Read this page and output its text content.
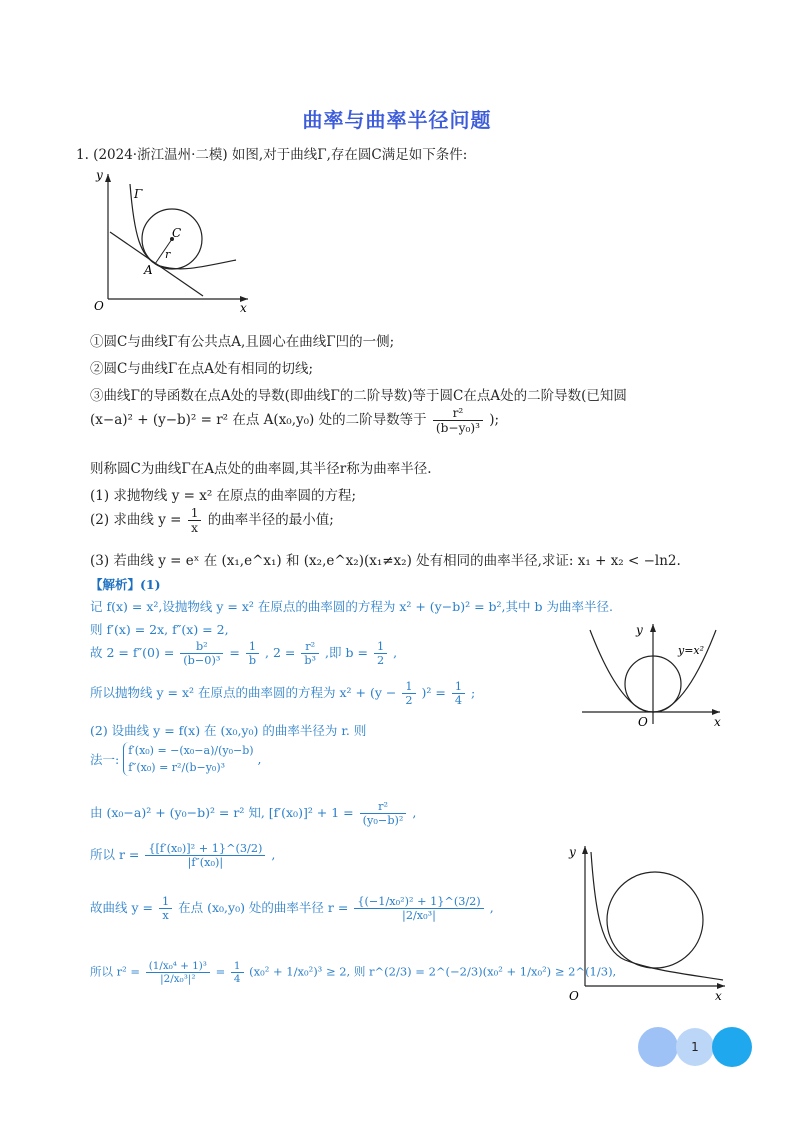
曲率与曲率半径问题
1. (2024·浙江温州·二模) 如图,对于曲线Γ,存在圆C满足如下条件:
y
x
O
Γ
C
r
A
①圆C与曲线Γ有公共点A,且圆心在曲线Γ凹的一侧;
②圆C与曲线Γ在点A处有相同的切线;
③曲线Γ的导函数在点A处的导数(即曲线Γ的二阶导数)等于圆C在点A处的二阶导数(已知圆
(x−a)² + (y−b)² = r² 在点 A(x₀,y₀) 处的二阶导数等于 $\frac{\text{r²}}{\text{(b−y₀)³}}$ );
则称圆C为曲线Γ在A点处的曲率圆,其半径r称为曲率半径.
(1) 求抛物线 y = x² 在原点的曲率圆的方程;
(2) 求曲线 $y = \frac{1}{x}$ 的曲率半径的最小值;
(3) 若曲线 y = eˣ 在 (x₁,e^x₁) 和 (x₂,e^x₂)(x₁≠x₂) 处有相同的曲率半径,求证: x₁ + x₂ < −ln2.
【解析】(1)
记 f(x) = x²,设抛物线 y = x² 在原点的曲率圆的方程为 x² + (y−b)² = b²,其中 b 为曲率半径.
则 f′(x) = 2x, f″(x) = 2,
故 $2 = f''(0) = \frac{\text{b²}}{\text{(b−0)³}} = \frac{1}{b}$ , $2 = \frac{\text{r²}}{\text{b³}}$ ,即 $b = \frac{1}{2}$ ,
所以抛物线 y = x² 在原点的曲率圆的方程为 $x^2 + (y - \frac{1}{2} )^2 = \frac{1}{4}$ ;
(2) 设曲线 y = f(x) 在 (x₀,y₀) 的曲率半径为 r. 则
法一:
f′(x₀) = −(x₀−a)/(y₀−b)
f″(x₀) = r²/(b−y₀)³
,
由 (x₀−a)² + (y₀−b)² = r² 知, $[f'(x_0)]^2 + 1 = \frac{\text{r²}}{\text{(y₀−b)²}}$ ,
所以 $r = \frac{\text{\{[f′(x₀)]² + 1\}\textasciicircum{}(3/2)}}{\text{|f″(x₀)|}}$ ,
故曲线 $y = \frac{1}{x}$ 在点 (x₀,y₀) 处的曲率半径 $r = \frac{\text{\{(−1/x₀²)² + 1\}\textasciicircum{}(3/2)}}{\text{|2/x₀³|}}$ ,
所以 $r^2 = \frac{\text{(1/x₀⁴ + 1)³}}{\text{|2/x₀³|²}} = \frac{1}{4} (x_0^2 + 1/x_0^2)^3 \ge 2$, 则 r^(2/3) = 2^(−2/3)(x₀² + 1/x₀²) ≥ 2^(1/3),
y
x
O
y=x²
y
x
O
1
